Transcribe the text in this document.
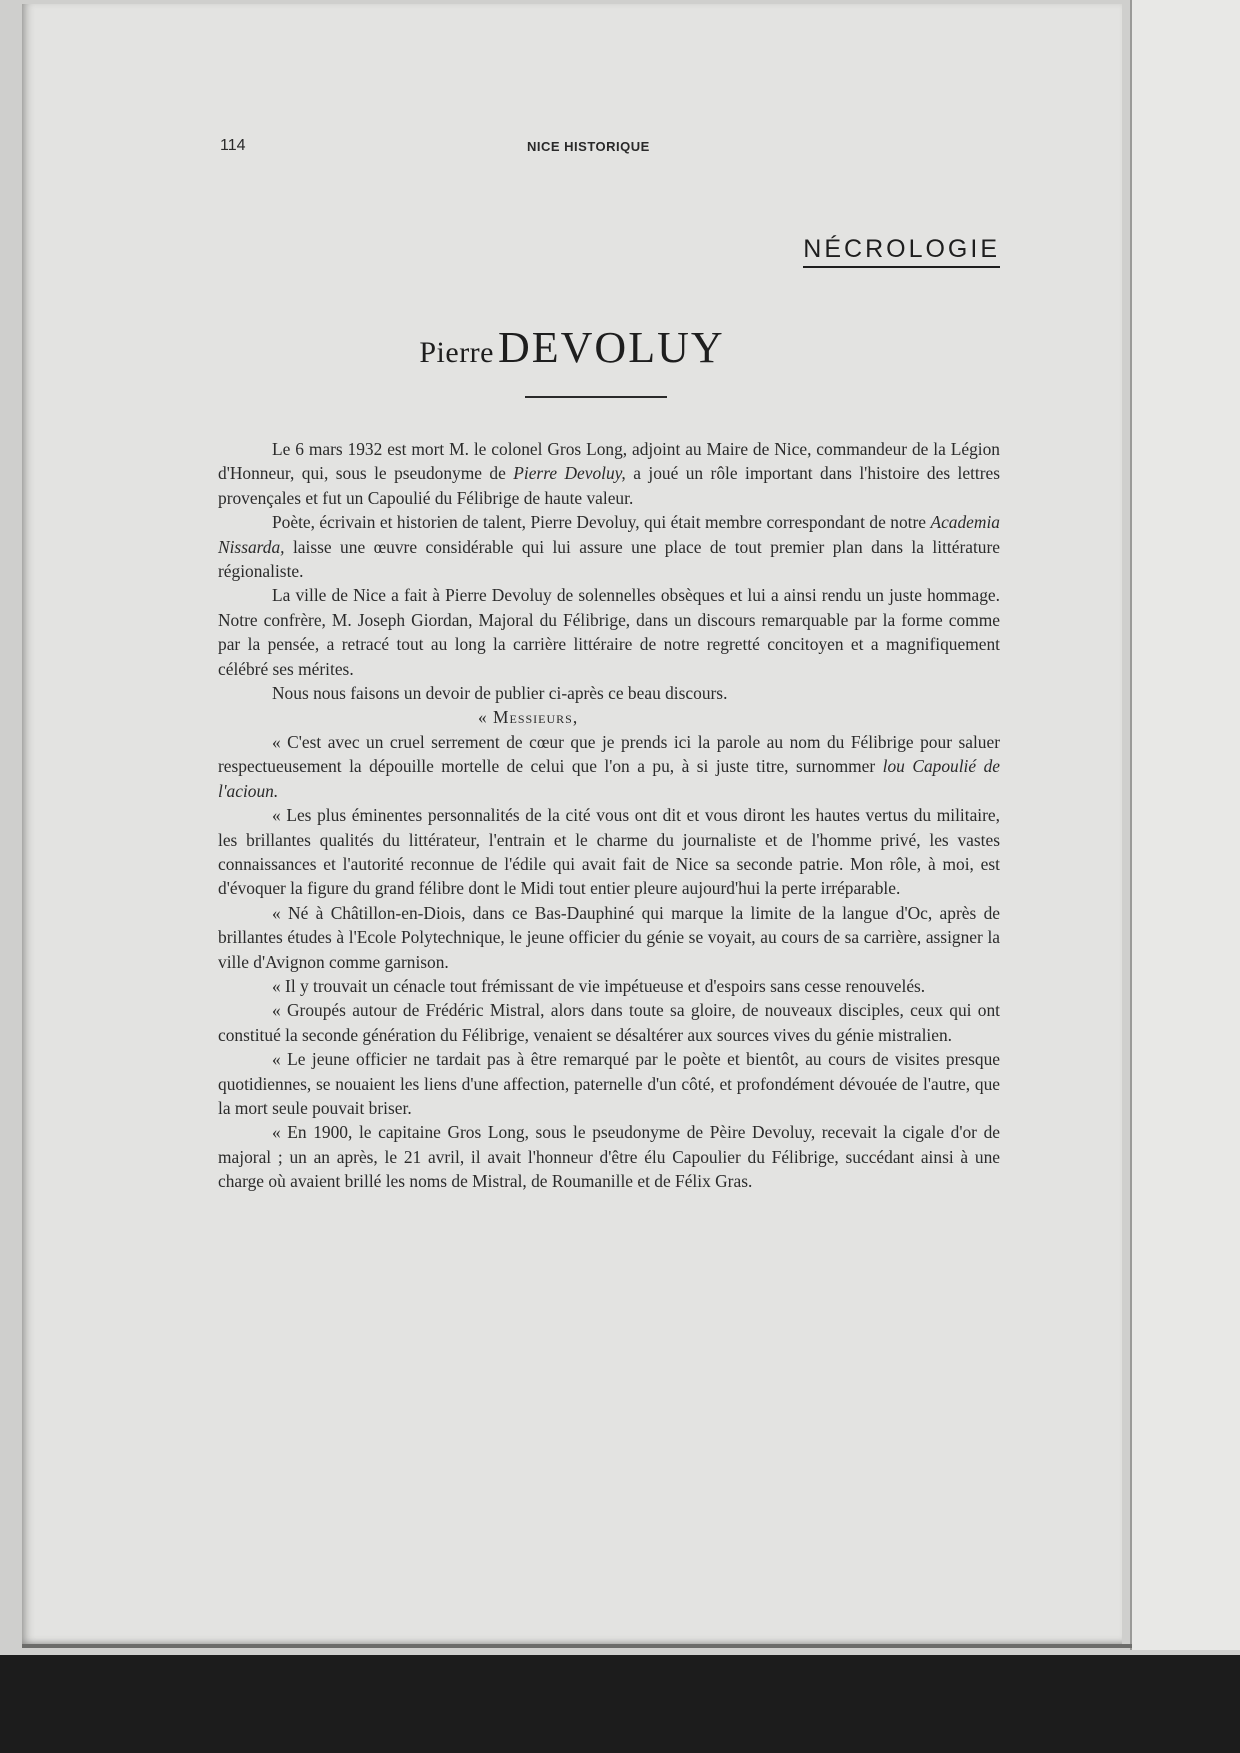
114	NICE HISTORIQUE
NÉCROLOGIE
Pierre DEVOLUY

Le 6 mars 1932 est mort M. le colonel Gros Long, adjoint au Maire de Nice, commandeur de la Légion d'Honneur, qui, sous le pseudonyme de Pierre Devoluy, a joué un rôle important dans l'histoire des lettres provençales et fut un Capoulié du Félibrige de haute valeur.

Poète, écrivain et historien de talent, Pierre Devoluy, qui était membre correspondant de notre Academia Nissarda, laisse une œuvre considérable qui lui assure une place de tout premier plan dans la littérature régionaliste.

La ville de Nice a fait à Pierre Devoluy de solennelles obsèques et lui a ainsi rendu un juste hommage. Notre confrère, M. Joseph Giordan, Majoral du Félibrige, dans un discours remarquable par la forme comme par la pensée, a retracé tout au long la carrière littéraire de notre regretté concitoyen et a magnifiquement célébré ses mérites.

Nous nous faisons un devoir de publier ci-après ce beau discours.

« Messieurs,

« C'est avec un cruel serrement de cœur que je prends ici la parole au nom du Félibrige pour saluer respectueusement la dépouille mortelle de celui que l'on a pu, à si juste titre, surnommer lou Capoulié de l'acioun.

« Les plus éminentes personnalités de la cité vous ont dit et vous diront les hautes vertus du militaire, les brillantes qualités du littérateur, l'entrain et le charme du journaliste et de l'homme privé, les vastes connaissances et l'autorité reconnue de l'édile qui avait fait de Nice sa seconde patrie. Mon rôle, à moi, est d'évoquer la figure du grand félibre dont le Midi tout entier pleure aujourd'hui la perte irréparable.

« Né à Châtillon-en-Diois, dans ce Bas-Dauphiné qui marque la limite de la langue d'Oc, après de brillantes études à l'Ecole Polytechnique, le jeune officier du génie se voyait, au cours de sa carrière, assigner la ville d'Avignon comme garnison.

« Il y trouvait un cénacle tout frémissant de vie impétueuse et d'espoirs sans cesse renouvelés.

« Groupés autour de Frédéric Mistral, alors dans toute sa gloire, de nouveaux disciples, ceux qui ont constitué la seconde génération du Félibrige, venaient se désaltérer aux sources vives du génie mistralien.

« Le jeune officier ne tardait pas à être remarqué par le poète et bientôt, au cours de visites presque quotidiennes, se nouaient les liens d'une affection, paternelle d'un côté, et profondément dévouée de l'autre, que la mort seule pouvait briser.

« En 1900, le capitaine Gros Long, sous le pseudonyme de Pèire Devoluy, recevait la cigale d'or de majoral ; un an après, le 21 avril, il avait l'honneur d'être élu Capoulier du Félibrige, succédant ainsi à une charge où avaient brillé les noms de Mistral, de Roumanille et de Félix Gras.
